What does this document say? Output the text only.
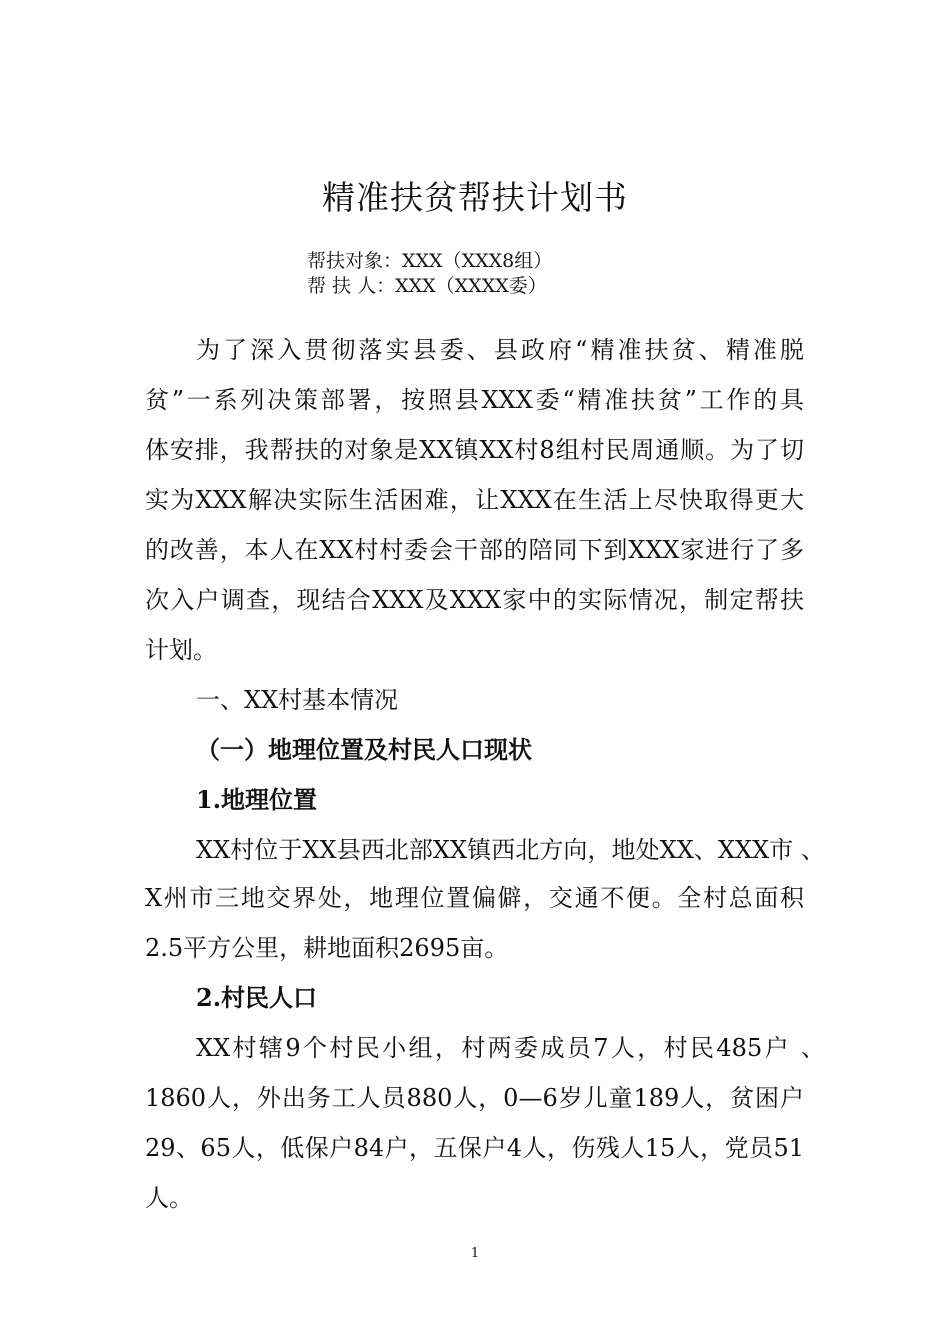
精准扶贫帮扶计划书
帮扶对象：XXX（XXX8组）
帮 扶 人：XXX（XXXX委）
为了深入贯彻落实县委、县政府“精准扶贫、精准脱
贫”一系列决策部署，按照县XXX委“精准扶贫”工作的具
体安排，我帮扶的对象是XX镇XX村8组村民周通顺。为了切
实为XXX解决实际生活困难，让XXX在生活上尽快取得更大
的改善，本人在XX村村委会干部的陪同下到XXX家进行了多
次入户调查，现结合XXX及XXX家中的实际情况，制定帮扶
计划。
一、XX村基本情况
（一）地理位置及村民人口现状
1.地理位置
XX村位于XX县西北部XX镇西北方向，地处XX、XXX市 、
X州市三地交界处，地理位置偏僻，交通不便。全村总面积
2.5平方公里，耕地面积2695亩。
2.村民人口
XX村辖9个村民小组，村两委成员7人，村民485户 、
1860人，外出务工人员880人，0—6岁儿童189人，贫困户
29、65人，低保户84户，五保户4人，伤残人15人，党员51
人。
1
